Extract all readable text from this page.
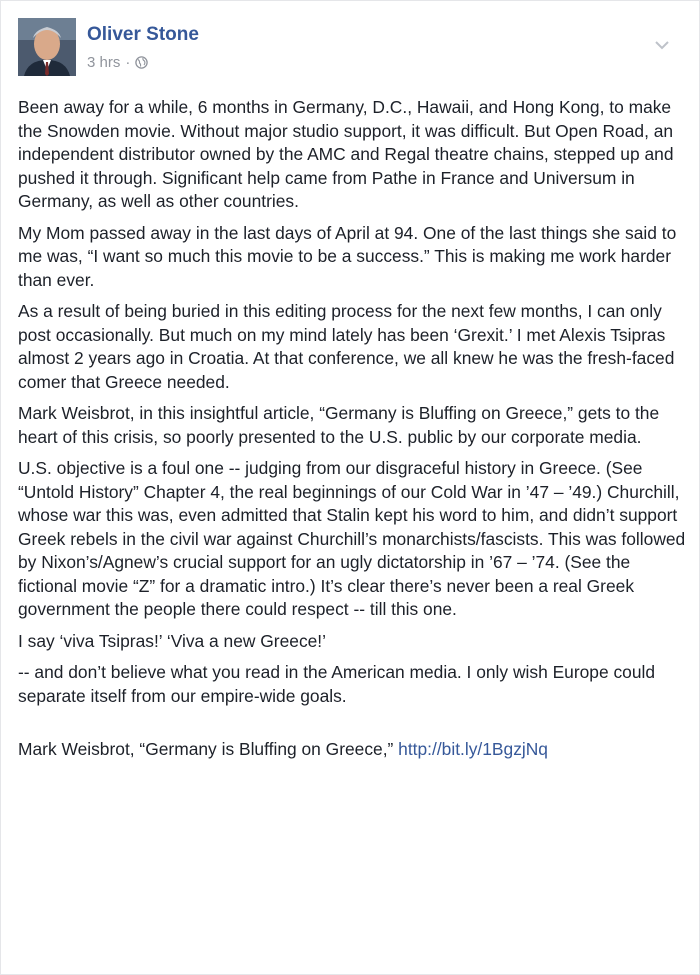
Oliver Stone
3 hrs ·

Been away for a while, 6 months in Germany, D.C., Hawaii, and Hong Kong, to make the Snowden movie. Without major studio support, it was difficult. But Open Road, an independent distributor owned by the AMC and Regal theatre chains, stepped up and pushed it through. Significant help came from Pathe in France and Universum in Germany, as well as other countries.

My Mom passed away in the last days of April at 94. One of the last things she said to me was, “I want so much this movie to be a success.” This is making me work harder than ever.

As a result of being buried in this editing process for the next few months, I can only post occasionally. But much on my mind lately has been ‘Grexit.’ I met Alexis Tsipras almost 2 years ago in Croatia. At that conference, we all knew he was the fresh-faced comer that Greece needed.

Mark Weisbrot, in this insightful article, “Germany is Bluffing on Greece,” gets to the heart of this crisis, so poorly presented to the U.S. public by our corporate media.

U.S. objective is a foul one -- judging from our disgraceful history in Greece. (See “Untold History” Chapter 4, the real beginnings of our Cold War in ’47 – ’49.) Churchill, whose war this was, even admitted that Stalin kept his word to him, and didn’t support Greek rebels in the civil war against Churchill’s monarchists/fascists. This was followed by Nixon’s/Agnew’s crucial support for an ugly dictatorship in ’67 – ’74. (See the fictional movie “Z” for a dramatic intro.) It’s clear there’s never been a real Greek government the people there could respect -- till this one.

I say ‘viva Tsipras!’ ‘Viva a new Greece!’

-- and don’t believe what you read in the American media. I only wish Europe could separate itself from our empire-wide goals.

Mark Weisbrot, “Germany is Bluffing on Greece,” http://bit.ly/1BgzjNq
